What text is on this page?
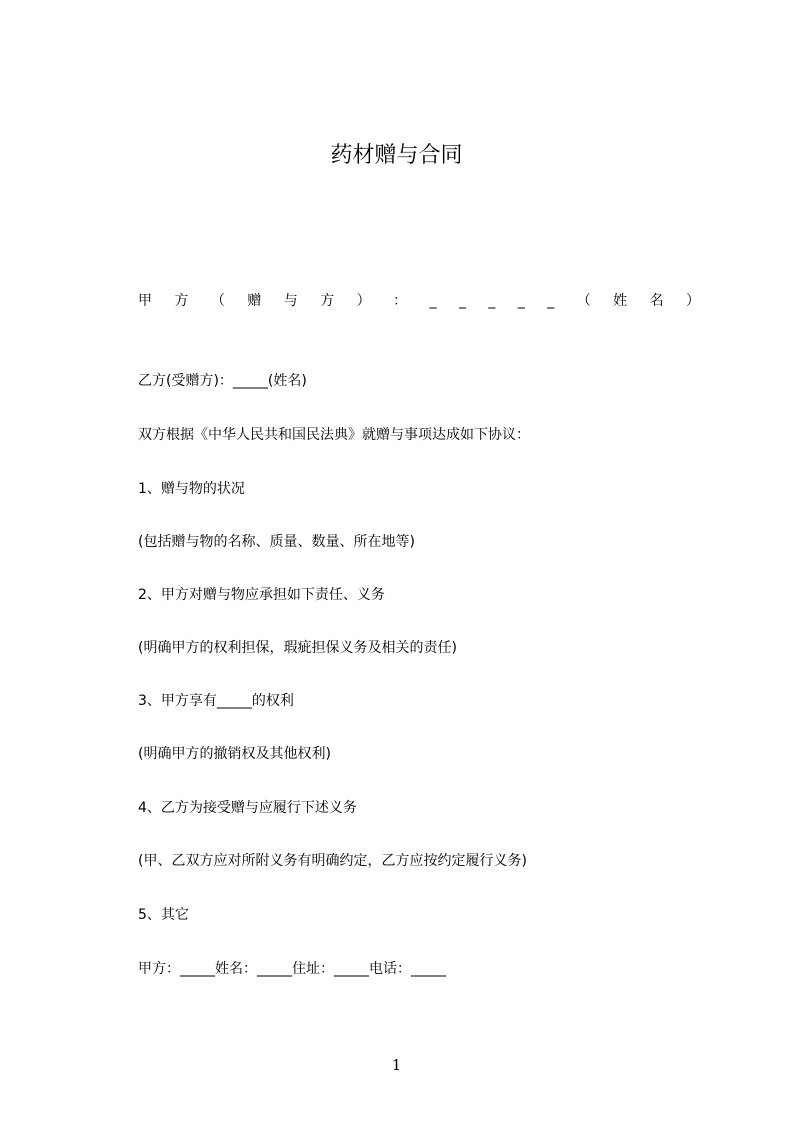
药材赠与合同
甲 方 （ 赠 与 方 ） ： _ _ _ _ _ （ 姓 名 ）
乙方(受赠方)：_____(姓名)
双方根据《中华人民共和国民法典》就赠与事项达成如下协议：
1、赠与物的状况
(包括赠与物的名称、质量、数量、所在地等)
2、甲方对赠与物应承担如下责任、义务
(明确甲方的权利担保，瑕疵担保义务及相关的责任)
3、甲方享有_____的权利
(明确甲方的撤销权及其他权利)
4、乙方为接受赠与应履行下述义务
(甲、乙双方应对所附义务有明确约定，乙方应按约定履行义务)
5、其它
甲方：_____姓名：_____住址：_____电话：_____
1
